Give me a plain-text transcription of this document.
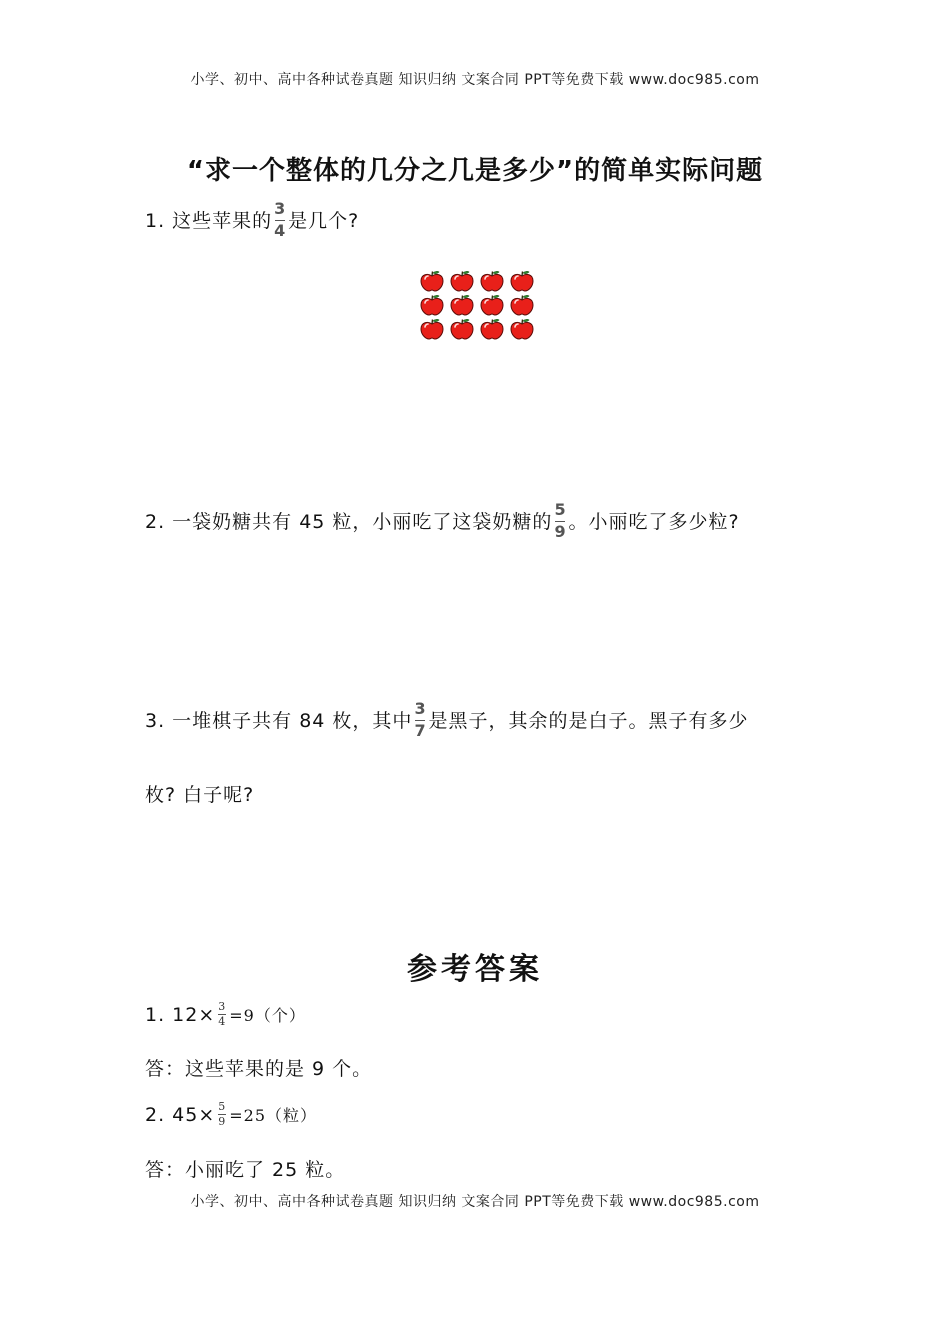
小学、初中、高中各种试卷真题 知识归纳 文案合同 PPT等免费下载 www.doc985.com
“求一个整体的几分之几是多少”的简单实际问题
1. 这些苹果的 $\frac{3}{4}$ 是几个?
2. 一袋奶糖共有 45 粒，小丽吃了这袋奶糖的 $\frac{5}{9}$ 。小丽吃了多少粒?
3. 一堆棋子共有 84 枚，其中 $\frac{3}{7}$ 是黑子，其余的是白子。黑子有多少
枚? 白子呢?
参考答案
1. $12\times \frac{3}{4} =9$（个）
答：这些苹果的是 9 个。
2. $45\times \frac{5}{9} =25$（粒）
答：小丽吃了 25 粒。
小学、初中、高中各种试卷真题 知识归纳 文案合同 PPT等免费下载 www.doc985.com
